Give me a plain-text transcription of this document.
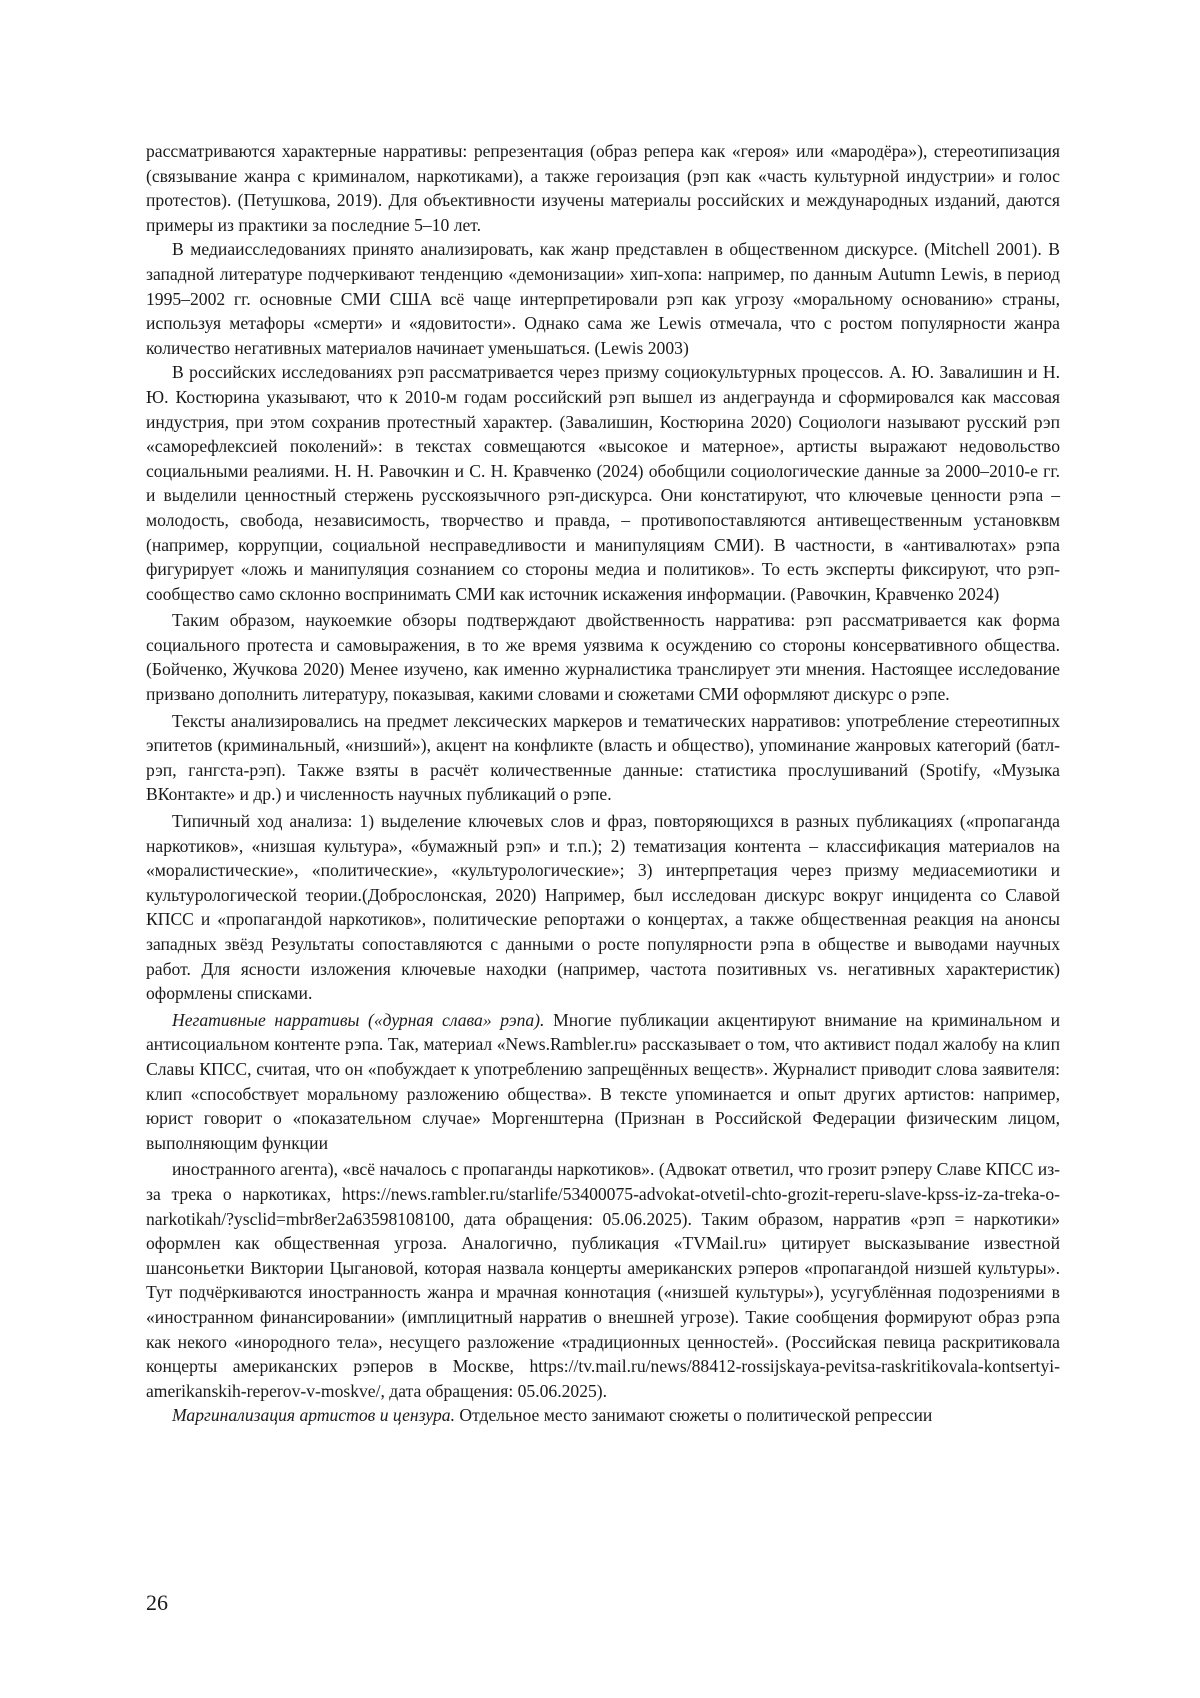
рассматриваются характерные нарративы: репрезентация (образ репера как «героя» или «мародёра»), стереотипизация (связывание жанра с криминалом, наркотиками), а также героизация (рэп как «часть культурной индустрии» и голос протестов). (Петушкова, 2019). Для объективности изучены материалы российских и международных изданий, даются примеры из практики за последние 5–10 лет.

В медиаисследованиях принято анализировать, как жанр представлен в общественном дискурсе. (Mitchell 2001). В западной литературе подчеркивают тенденцию «демонизации» хип-хопа: например, по данным Autumn Lewis, в период 1995–2002 гг. основные СМИ США всё чаще интерпретировали рэп как угрозу «моральному основанию» страны, используя метафоры «смерти» и «ядовитости». Однако сама же Lewis отмечала, что с ростом популярности жанра количество негативных материалов начинает уменьшаться. (Lewis 2003)

В российских исследованиях рэп рассматривается через призму социокультурных процессов. А. Ю. Завалишин и Н. Ю. Костюрина указывают, что к 2010-м годам российский рэп вышел из андеграунда и сформировался как массовая индустрия, при этом сохранив протестный характер. (Завалишин, Костюрина 2020) Социологи называют русский рэп «саморефлексией поколений»: в текстах совмещаются «высокое и матерное», артисты выражают недовольство социальными реалиями. Н. Н. Равочкин и С. Н. Кравченко (2024) обобщили социологические данные за 2000–2010-е гг. и выделили ценностный стержень русскоязычного рэп-дискурса. Они констатируют, что ключевые ценности рэпа – молодость, свобода, независимость, творчество и правда, – противопоставляются антивещественным установквм (например, коррупции, социальной несправедливости и манипуляциям СМИ). В частности, в «антивалютах» рэпа фигурирует «ложь и манипуляция сознанием со стороны медиа и политиков». То есть эксперты фиксируют, что рэп-сообщество само склонно воспринимать СМИ как источник искажения информации. (Равочкин, Кравченко 2024)

Таким образом, наукоемкие обзоры подтверждают двойственность нарратива: рэп рассматривается как форма социального протеста и самовыражения, в то же время уязвима к осуждению со стороны консервативного общества. (Бойченко, Жучкова 2020) Менее изучено, как именно журналистика транслирует эти мнения. Настоящее исследование призвано дополнить литературу, показывая, какими словами и сюжетами СМИ оформляют дискурс о рэпе.

Тексты анализировались на предмет лексических маркеров и тематических нарративов: употребление стереотипных эпитетов (криминальный, «низший»), акцент на конфликте (власть и общество), упоминание жанровых категорий (батл-рэп, гангста-рэп). Также взяты в расчёт количественные данные: статистика прослушиваний (Spotify, «Музыка ВКонтакте» и др.) и численность научных публикаций о рэпе.

Типичный ход анализа: 1) выделение ключевых слов и фраз, повторяющихся в разных публикациях («пропаганда наркотиков», «низшая культура», «бумажный рэп» и т.п.); 2) тематизация контента – классификация материалов на «моралистические», «политические», «культурологические»; 3) интерпретация через призму медиасемиотики и культурологической теории.(Доброслонская, 2020) Например, был исследован дискурс вокруг инцидента со Славой КПСС и «пропагандой наркотиков», политические репортажи о концертах, а также общественная реакция на анонсы западных звёзд Результаты сопоставляются с данными о росте популярности рэпа в обществе и выводами научных работ. Для ясности изложения ключевые находки (например, частота позитивных vs. негативных характеристик) оформлены списками.

Негативные нарративы («дурная слава» рэпа). Многие публикации акцентируют внимание на криминальном и антисоциальном контенте рэпа. Так, материал «News.Rambler.ru» рассказывает о том, что активист подал жалобу на клип Славы КПСС, считая, что он «побуждает к употреблению запрещённых веществ». Журналист приводит слова заявителя: клип «способствует моральному разложению общества». В тексте упоминается и опыт других артистов: например, юрист говорит о «показательном случае» Моргенштерна (Признан в Российской Федерации физическим лицом, выполняющим функции

иностранного агента), «всё началось с пропаганды наркотиков». (Адвокат ответил, что грозит рэперу Славе КПСС из-за трека о наркотиках, https://news.rambler.ru/starlife/53400075-advokat-otvetil-chto-grozit-reperu-slave-kpss-iz-za-treka-o-narkotikah/?ysclid=mbr8er2a63598108100, дата обращения: 05.06.2025). Таким образом, нарратив «рэп = наркотики» оформлен как общественная угроза. Аналогично, публикация «TVMail.ru» цитирует высказывание известной шансоньетки Виктории Цыгановой, которая назвала концерты американских рэперов «пропагандой низшей культуры». Тут подчёркиваются иностранность жанра и мрачная коннотация («низшей культуры»), усугублённая подозрениями в «иностранном финансировании» (имплицитный нарратив о внешней угрозе). Такие сообщения формируют образ рэпа как некого «инородного тела», несущего разложение «традиционных ценностей». (Российская певица раскритиковала концерты американских рэперов в Москве, https://tv.mail.ru/news/88412-rossijskaya-pevitsa-raskritikovala-kontsertyi-amerikanskih-reperov-v-moskve/, дата обращения: 05.06.2025).

Маргинализация артистов и цензура. Отдельное место занимают сюжеты о политической репрессии

26
